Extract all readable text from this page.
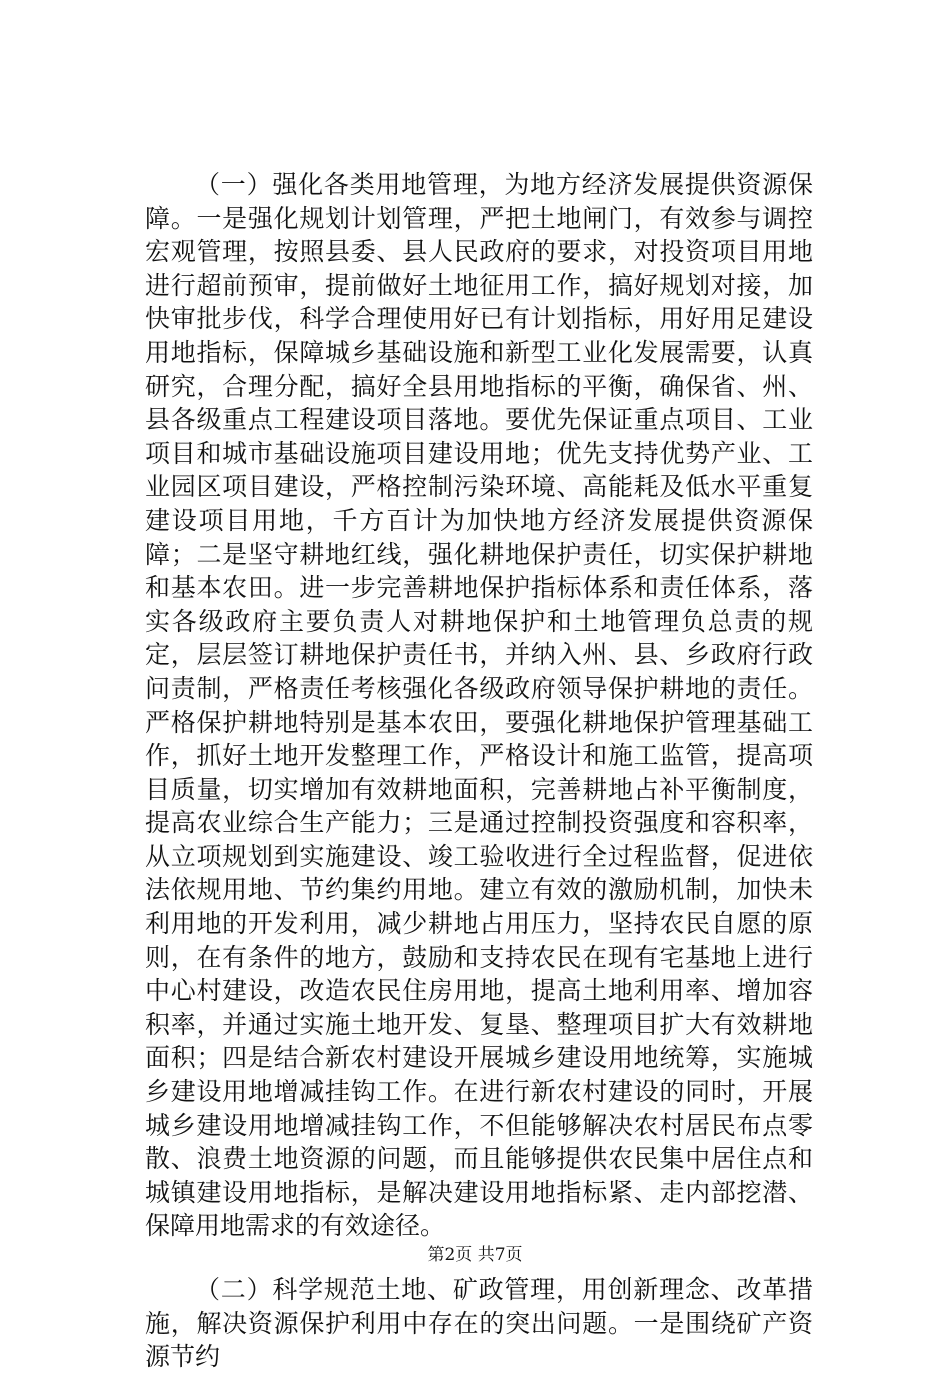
（一）强化各类用地管理，为地方经济发展提供资源保障。一是强化规划计划管理，严把土地闸门，有效参与调控宏观管理，按照县委、县人民政府的要求，对投资项目用地进行超前预审，提前做好土地征用工作，搞好规划对接，加快审批步伐，科学合理使用好已有计划指标，用好用足建设用地指标，保障城乡基础设施和新型工业化发展需要，认真研究，合理分配，搞好全县用地指标的平衡，确保省、州、县各级重点工程建设项目落地。要优先保证重点项目、工业项目和城市基础设施项目建设用地；优先支持优势产业、工业园区项目建设，严格控制污染环境、高能耗及低水平重复建设项目用地，千方百计为加快地方经济发展提供资源保障；二是坚守耕地红线，强化耕地保护责任，切实保护耕地和基本农田。进一步完善耕地保护指标体系和责任体系，落实各级政府主要负责人对耕地保护和土地管理负总责的规定，层层签订耕地保护责任书，并纳入州、县、乡政府行政问责制，严格责任考核强化各级政府领导保护耕地的责任。严格保护耕地特别是基本农田，要强化耕地保护管理基础工作，抓好土地开发整理工作，严格设计和施工监管，提高项目质量，切实增加有效耕地面积，完善耕地占补平衡制度，提高农业综合生产能力；三是通过控制投资强度和容积率，从立项规划到实施建设、竣工验收进行全过程监督，促进依法依规用地、节约集约用地。建立有效的激励机制，加快未利用地的开发利用，减少耕地占用压力，坚持农民自愿的原则，在有条件的地方，鼓励和支持农民在现有宅基地上进行中心村建设，改造农民住房用地，提高土地利用率、增加容积率，并通过实施土地开发、复垦、整理项目扩大有效耕地面积；四是结合新农村建设开展城乡建设用地统筹，实施城乡建设用地增减挂钩工作。在进行新农村建设的同时，开展城乡建设用地增减挂钩工作，不但能够解决农村居民布点零散、浪费土地资源的问题，而且能够提供农民集中居住点和城镇建设用地指标，是解决建设用地指标紧、走内部挖潜、保障用地需求的有效途径。

（二）科学规范土地、矿政管理，用创新理念、改革措施，解决资源保护利用中存在的突出问题。一是围绕矿产资源节约

第2页 共7页
